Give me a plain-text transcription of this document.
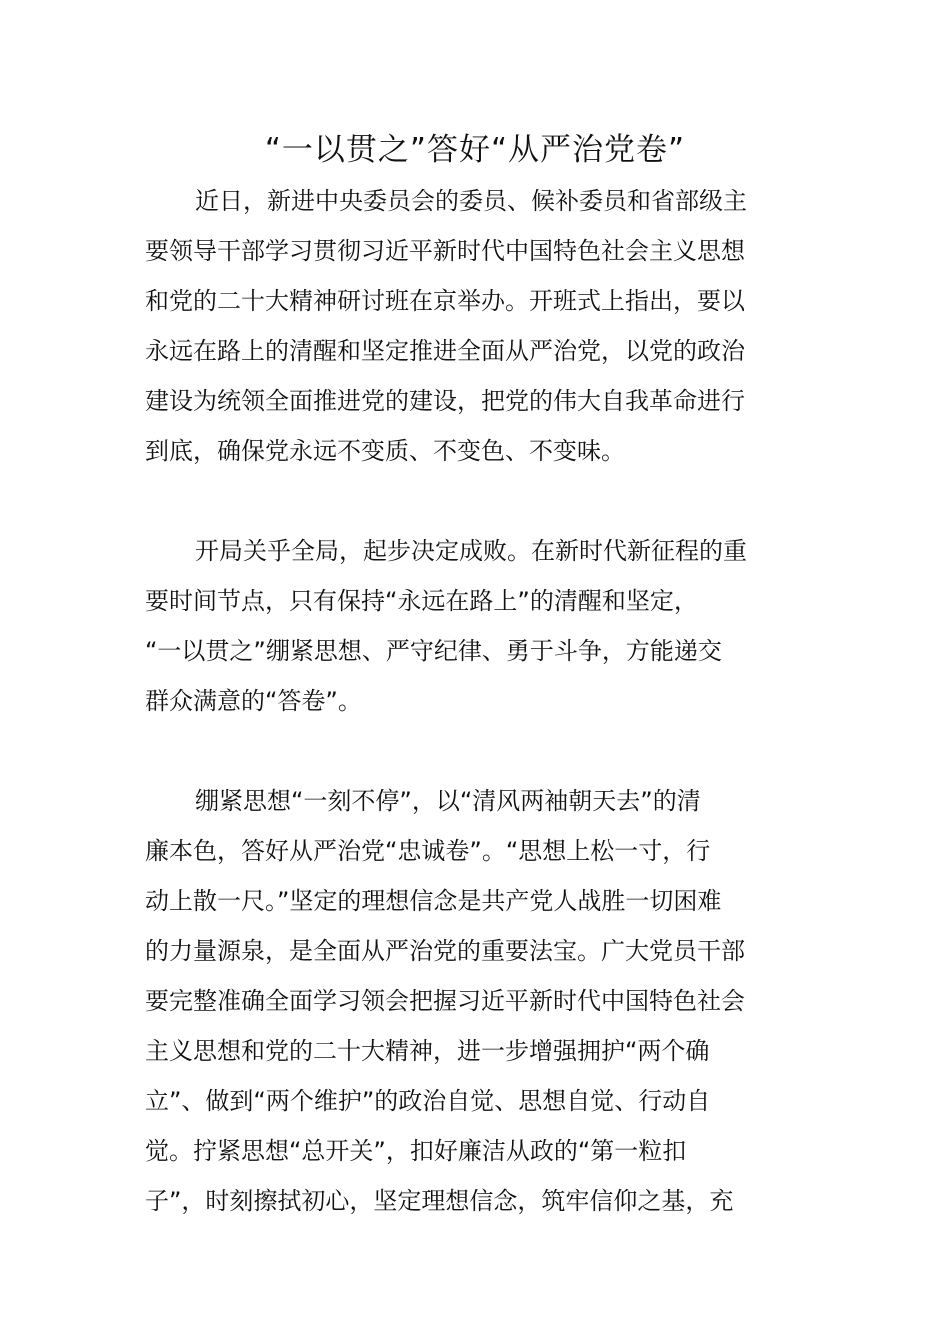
“一以贯之”答好“从严治党卷”
近日，新进中央委员会的委员、候补委员和省部级主
要领导干部学习贯彻习近平新时代中国特色社会主义思想
和党的二十大精神研讨班在京举办。开班式上指出，要以
永远在路上的清醒和坚定推进全面从严治党，以党的政治
建设为统领全面推进党的建设，把党的伟大自我革命进行
到底，确保党永远不变质、不变色、不变味。
开局关乎全局，起步决定成败。在新时代新征程的重
要时间节点，只有保持“永远在路上”的清醒和坚定，
“一以贯之”绷紧思想、严守纪律、勇于斗争，方能递交
群众满意的“答卷”。
绷紧思想“一刻不停”，以“清风两袖朝天去”的清
廉本色，答好从严治党“忠诚卷”。“思想上松一寸，行
动上散一尺。”坚定的理想信念是共产党人战胜一切困难
的力量源泉，是全面从严治党的重要法宝。广大党员干部
要完整准确全面学习领会把握习近平新时代中国特色社会
主义思想和党的二十大精神，进一步增强拥护“两个确
立”、做到“两个维护”的政治自觉、思想自觉、行动自
觉。拧紧思想“总开关”，扣好廉洁从政的“第一粒扣
子”，时刻擦拭初心，坚定理想信念，筑牢信仰之基，充
